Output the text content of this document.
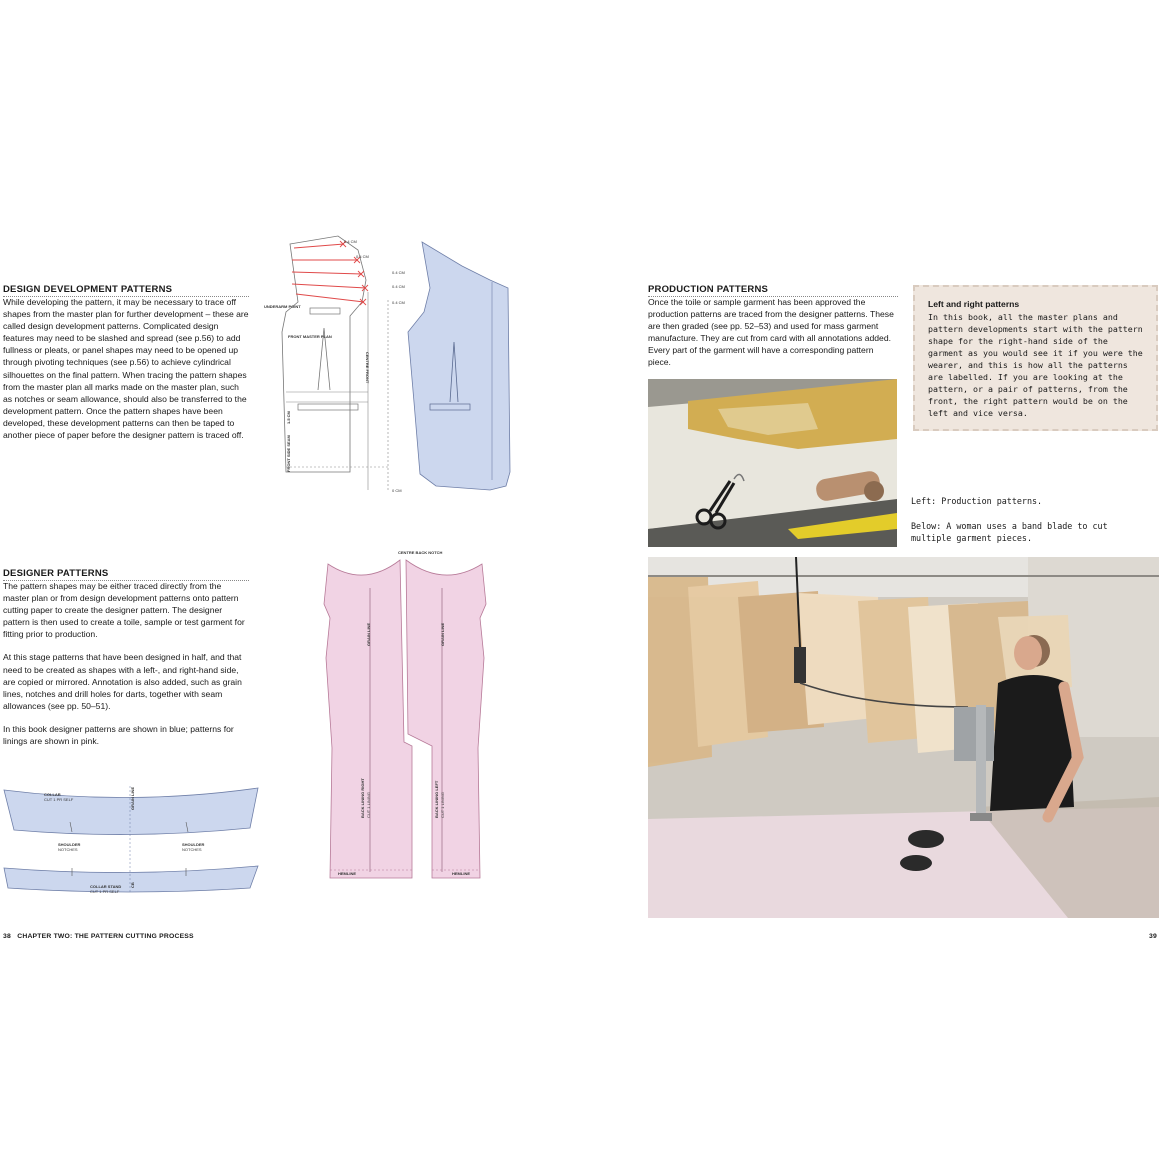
DESIGN DEVELOPMENT PATTERNS

While developing the pattern, it may be necessary to trace off shapes from the master plan for further development – these are called design development patterns. Complicated design features may need to be slashed and spread (see p.56) to add fullness or pleats, or panel shapes may need to be opened up through pivoting techniques (see p.56) to achieve cylindrical silhouettes on the final pattern. When tracing the pattern shapes from the master plan all marks made on the master plan, such as notches or seam allowance, should also be transferred to the development pattern. Once the pattern shapes have been developed, these development patterns can then be taped to another piece of paper before the designer pattern is traced off.

0.4 CM
0.4 CM
0.4 CM
0.4 CM
0.4 CM
0 CM
UNDERARM POINT
FRONT MASTER PLAN
CENTRE FRONT
FRONT SIDE SEAM
1.5 CM
DESIGNER PATTERNS

The pattern shapes may be either traced directly from the master plan or from design development patterns onto pattern cutting paper to create the designer pattern. The designer pattern is then used to create a toile, sample or test garment for fitting prior to production.

At this stage patterns that have been designed in half, and that need to be created as shapes with a left-, and right-hand side, are copied or mirrored. Annotation is also added, such as grain lines, notches and drill holes for darts, together with seam allowances (see pp. 50–51).

In this book designer patterns are shown in blue; patterns for linings are shown in pink.

CENTRE BACK NOTCH
GRAIN LINE	GRAIN LINE
BACK LINING RIGHT CUT 1 LINING	BACK LINING LEFT CUT 1 LINING
HEMLINE	HEMLINE
COLLAR
CUT 1 PR SELF	GRAIN LINE
SHOULDER
NOTCHES
SHOULDER
NOTCHES
COLLAR STAND
CUT 1 PR SELF
CB
38 CHAPTER TWO: THE PATTERN CUTTING PROCESS
PRODUCTION PATTERNS

Once the toile or sample garment has been approved the production patterns are traced from the designer patterns. These are then graded (see pp. 52–53) and used for mass garment manufacture. They are cut from card with all annotations added. Every part of the garment will have a corresponding pattern piece.

Left and right patterns
In this book, all the master plans and pattern developments start with the pattern shape for the right-hand side of the garment as you would see it if you were the wearer, and this is how all the patterns are labelled. If you are looking at the pattern, or a pair of patterns, from the front, the right pattern would be on the left and vice versa.

Left: Production patterns.

Below: A woman uses a band blade to cut multiple garment pieces.

39
